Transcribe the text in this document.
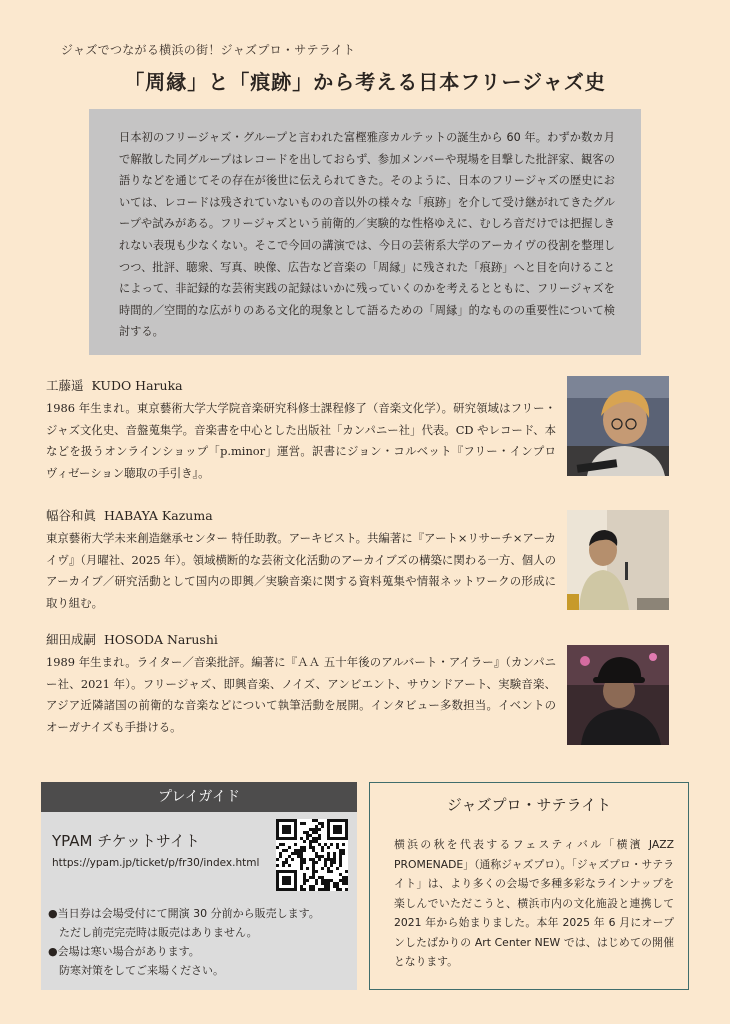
ジャズでつながる横浜の街！ジャズプロ・サテライト
「周縁」と「痕跡」から考える日本フリージャズ史

日本初のフリージャズ・グループと言われた富樫雅彦カルテットの誕生から 60 年。わずか数カ月で解散した同グループはレコードを出しておらず、参加メンバーや現場を目撃した批評家、観客の語りなどを通じてその存在が後世に伝えられてきた。そのように、日本のフリージャズの歴史においては、レコードは残されていないものの音以外の様々な「痕跡」を介して受け継がれてきたグループや試みがある。フリージャズという前衛的／実験的な性格ゆえに、むしろ音だけでは把握しきれない表現も少なくない。そこで今回の講演では、今日の芸術系大学のアーカイヴの役割を整理しつつ、批評、聴衆、写真、映像、広告など音楽の「周縁」に残された「痕跡」へと目を向けることによって、非記録的な芸術実践の記録はいかに残っていくのかを考えるとともに、フリージャズを時間的／空間的な広がりのある文化的現象として語るための「周縁」的なものの重要性について検討する。

工藤遥 KUDO Haruka
1986 年生まれ。東京藝術大学大学院音楽研究科修士課程修了（音楽文化学）。研究領域はフリー・ジャズ文化史、音盤蒐集学。音楽書を中心とした出版社「カンパニー社」代表。CD やレコード、本などを扱うオンラインショップ「p.minor」運営。訳書にジョン・コルベット『フリー・インプロヴィゼーション聴取の手引き』。
幅谷和眞 HABAYA Kazuma
東京藝術大学未来創造継承センター 特任助教。アーキビスト。共編著に『アート×リサーチ×アーカイヴ』（月曜社、2025 年）。領域横断的な芸術文化活動のアーカイブズの構築に関わる一方、個人のアーカイブ／研究活動として国内の即興／実験音楽に関する資料蒐集や情報ネットワークの形成に取り組む。
細田成嗣 HOSODA Narushi
1989 年生まれ。ライター／音楽批評。編著に『ＡＡ 五十年後のアルバート・アイラー』（カンパニー社、2021 年）。フリージャズ、即興音楽、ノイズ、アンビエント、サウンドアート、実験音楽、アジア近隣諸国の前衛的な音楽などについて執筆活動を展開。インタビュー多数担当。イベントのオーガナイズも手掛ける。
プレイガイド
YPAM チケットサイト
https://ypam.jp/ticket/p/fr30/index.html
●当日券は会場受付にて開演 30 分前から販売します。
　ただし前売完売時は販売はありません。
●会場は寒い場合があります。
　防寒対策をしてご来場ください。
ジャズプロ・サテライト
横浜の秋を代表するフェスティバル「横濱 JAZZ PROMENADE」（通称ジャズプロ）。「ジャズプロ・サテライト」は、より多くの会場で多種多彩なラインナップを楽しんでいただこうと、横浜市内の文化施設と連携して 2021 年から始まりました。本年 2025 年 6 月にオープンしたばかりの Art Center NEW では、はじめての開催となります。
